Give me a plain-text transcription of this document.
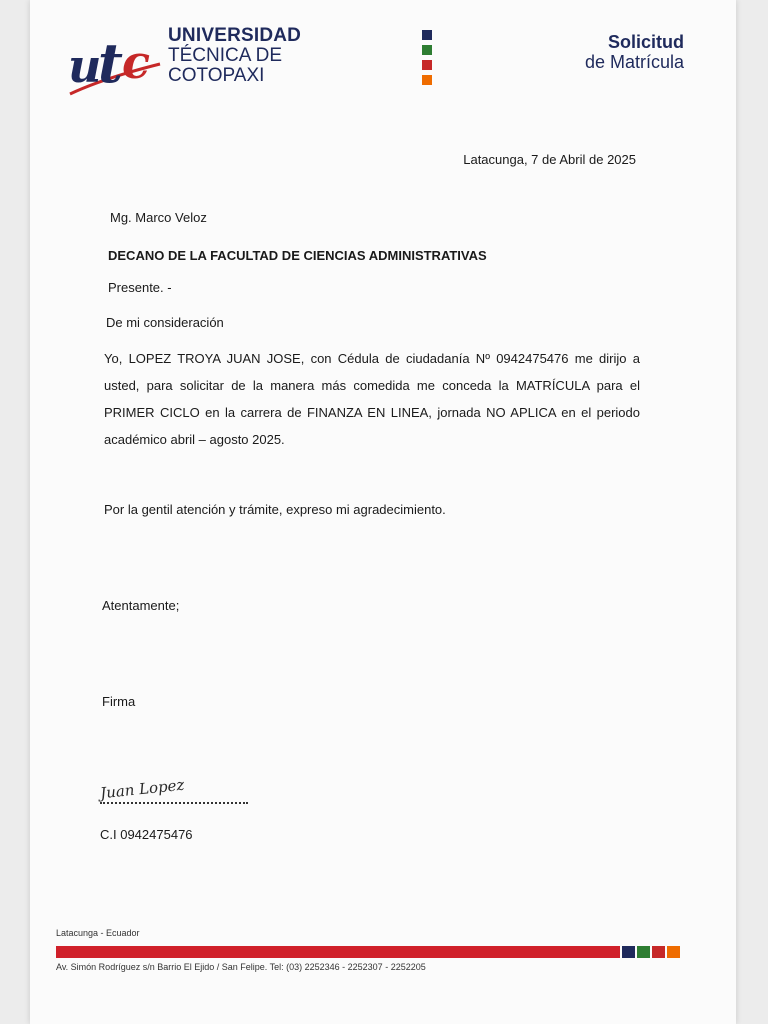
u
t c UNIVERSIDAD
TÉCNICA DE
COTOPAXI
Solicitud
de Matrícula
Latacunga, 7 de Abril de 2025
Mg. Marco Veloz
DECANO DE LA FACULTAD DE CIENCIAS ADMINISTRATIVAS
Presente. -
De mi consideración
Yo, LOPEZ TROYA JUAN JOSE, con Cédula de ciudadanía Nº 0942475476 me dirijo a usted, para solicitar de la manera más comedida me conceda la MATRÍCULA para el PRIMER CICLO en la carrera de FINANZA EN LINEA, jornada NO APLICA en el periodo académico abril – agosto 2025.
Por la gentil atención y trámite, expreso mi agradecimiento.
Atentamente;
Firma
Juan Lopez
C.I 0942475476
Latacunga - Ecuador
Av. Simón Rodríguez s/n Barrio El Ejido / San Felipe. Tel: (03) 2252346 - 2252307 - 2252205
